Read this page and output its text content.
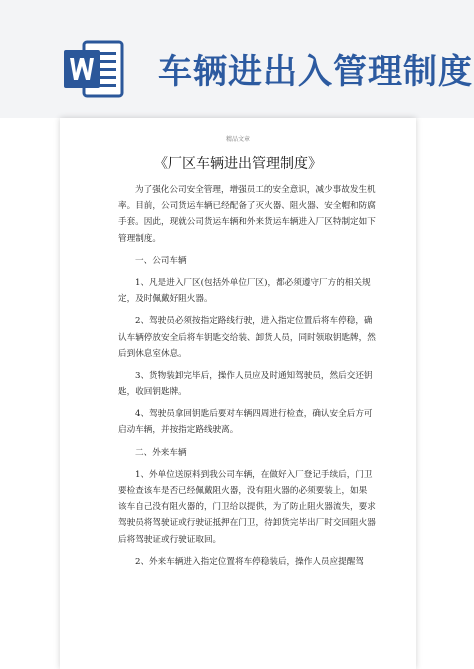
车辆进出入管理制度
精品文章
《厂区车辆进出管理制度》
为了强化公司安全管理，增强员工的安全意识，减少事故发生机
率。目前，公司货运车辆已经配备了灭火器、阻火器、安全帽和防腐
手套。因此，现就公司货运车辆和外来货运车辆进入厂区特制定如下
管理制度。
一、公司车辆
1、凡是进入厂区(包括外单位厂区)，都必须遵守厂方的相关规
定，及时佩戴好阻火器。
2、驾驶员必须按指定路线行驶，进入指定位置后将车停稳，确
认车辆停放安全后将车钥匙交给装、卸货人员，同时领取钥匙牌，然
后到休息室休息。
3、货物装卸完毕后，操作人员应及时通知驾驶员，然后交还钥
匙，收回钥匙牌。
4、驾驶员拿回钥匙后要对车辆四周进行检查，确认安全后方可
启动车辆，并按指定路线驶离。
二、外来车辆
1、外单位送原料到我公司车辆，在做好入厂登记手续后，门卫
要检查该车是否已经佩戴阻火器，没有阻火器的必须要装上，如果
该车自己没有阻火器的，门卫给以提供，为了防止阻火器流失，要求
驾驶员将驾驶证或行驶证抵押在门卫，待卸货完毕出厂时交回阻火器
后将驾驶证或行驶证取回。
2、外来车辆进入指定位置将车停稳装后，操作人员应提醒驾
